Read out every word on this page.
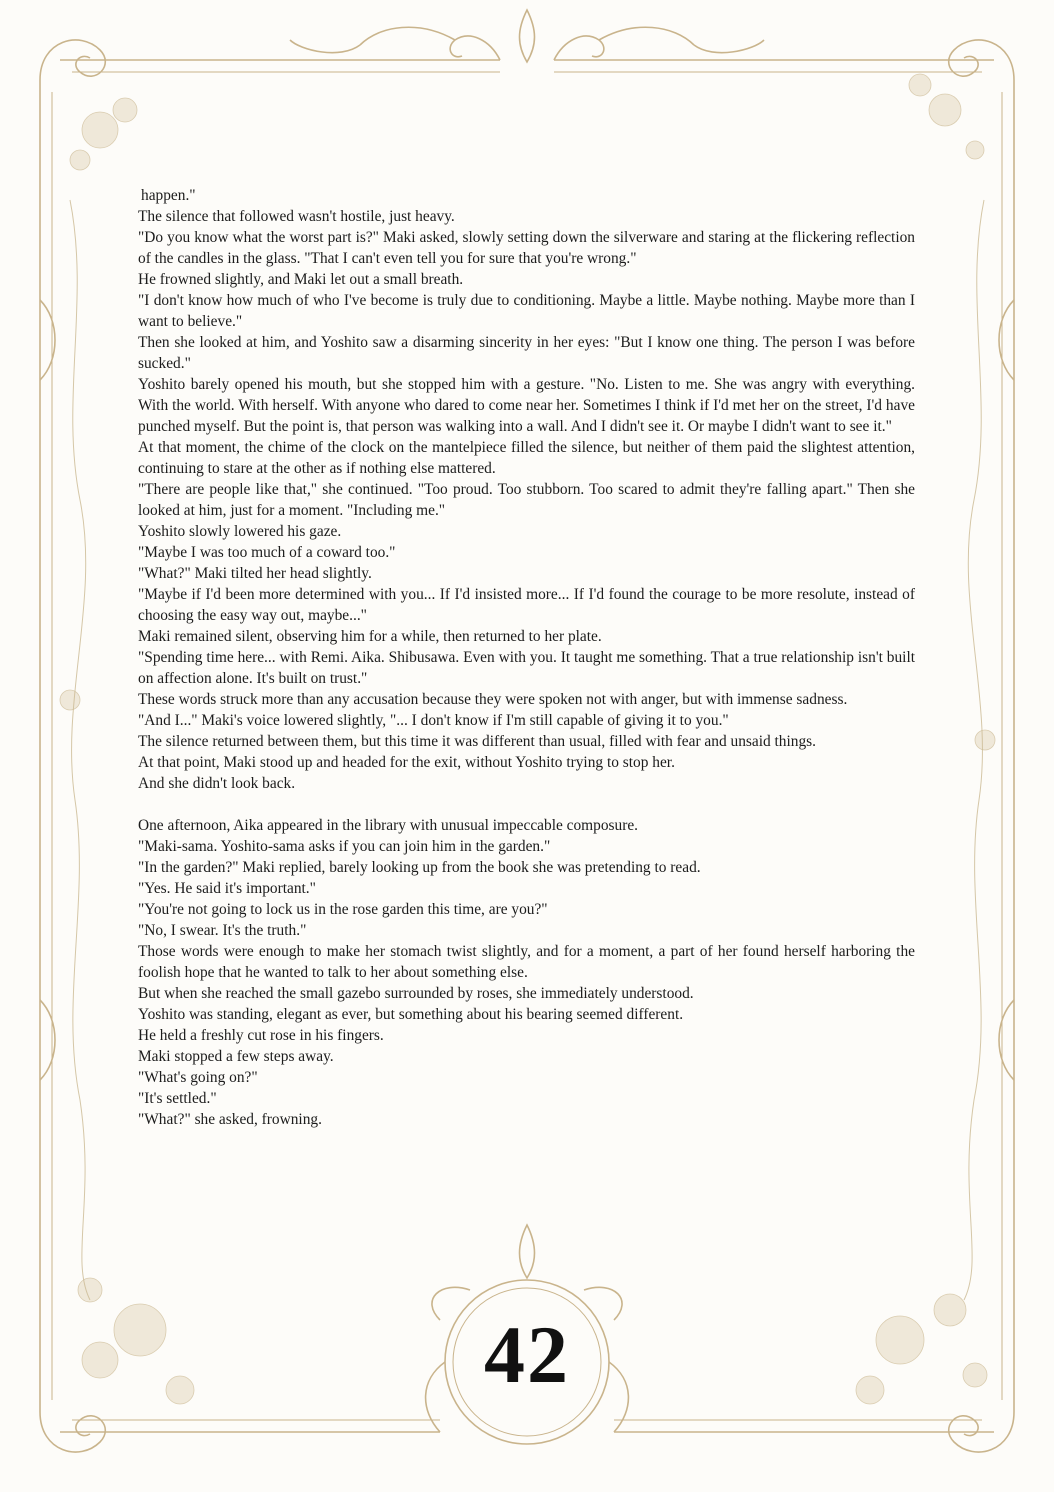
happen."

The silence that followed wasn't hostile, just heavy.

"Do you know what the worst part is?" Maki asked, slowly setting down the silverware and staring at the flickering reflection of the candles in the glass. "That I can't even tell you for sure that you're wrong."

He frowned slightly, and Maki let out a small breath.

"I don't know how much of who I've become is truly due to conditioning. Maybe a little. Maybe nothing. Maybe more than I want to believe."

Then she looked at him, and Yoshito saw a disarming sincerity in her eyes: "But I know one thing. The person I was before sucked."

Yoshito barely opened his mouth, but she stopped him with a gesture. "No. Listen to me. She was angry with everything. With the world. With herself. With anyone who dared to come near her. Sometimes I think if I'd met her on the street, I'd have punched myself. But the point is, that person was walking into a wall. And I didn't see it. Or maybe I didn't want to see it."

At that moment, the chime of the clock on the mantelpiece filled the silence, but neither of them paid the slightest attention, continuing to stare at the other as if nothing else mattered.

"There are people like that," she continued. "Too proud. Too stubborn. Too scared to admit they're falling apart." Then she looked at him, just for a moment. "Including me."

Yoshito slowly lowered his gaze.

"Maybe I was too much of a coward too."

"What?" Maki tilted her head slightly.

"Maybe if I'd been more determined with you... If I'd insisted more... If I'd found the courage to be more resolute, instead of choosing the easy way out, maybe..."

Maki remained silent, observing him for a while, then returned to her plate.

"Spending time here... with Remi. Aika. Shibusawa. Even with you. It taught me something. That a true relationship isn't built on affection alone. It's built on trust."

These words struck more than any accusation because they were spoken not with anger, but with immense sadness.

"And I..." Maki's voice lowered slightly, "... I don't know if I'm still capable of giving it to you."

The silence returned between them, but this time it was different than usual, filled with fear and unsaid things.

At that point, Maki stood up and headed for the exit, without Yoshito trying to stop her.

And she didn't look back.

One afternoon, Aika appeared in the library with unusual impeccable composure.

"Maki-sama. Yoshito-sama asks if you can join him in the garden."

"In the garden?" Maki replied, barely looking up from the book she was pretending to read.

"Yes. He said it's important."

"You're not going to lock us in the rose garden this time, are you?"

"No, I swear. It's the truth."

Those words were enough to make her stomach twist slightly, and for a moment, a part of her found herself harboring the foolish hope that he wanted to talk to her about something else.

But when she reached the small gazebo surrounded by roses, she immediately understood.

Yoshito was standing, elegant as ever, but something about his bearing seemed different.

He held a freshly cut rose in his fingers.

Maki stopped a few steps away.

"What's going on?"

"It's settled."

"What?" she asked, frowning.

42
